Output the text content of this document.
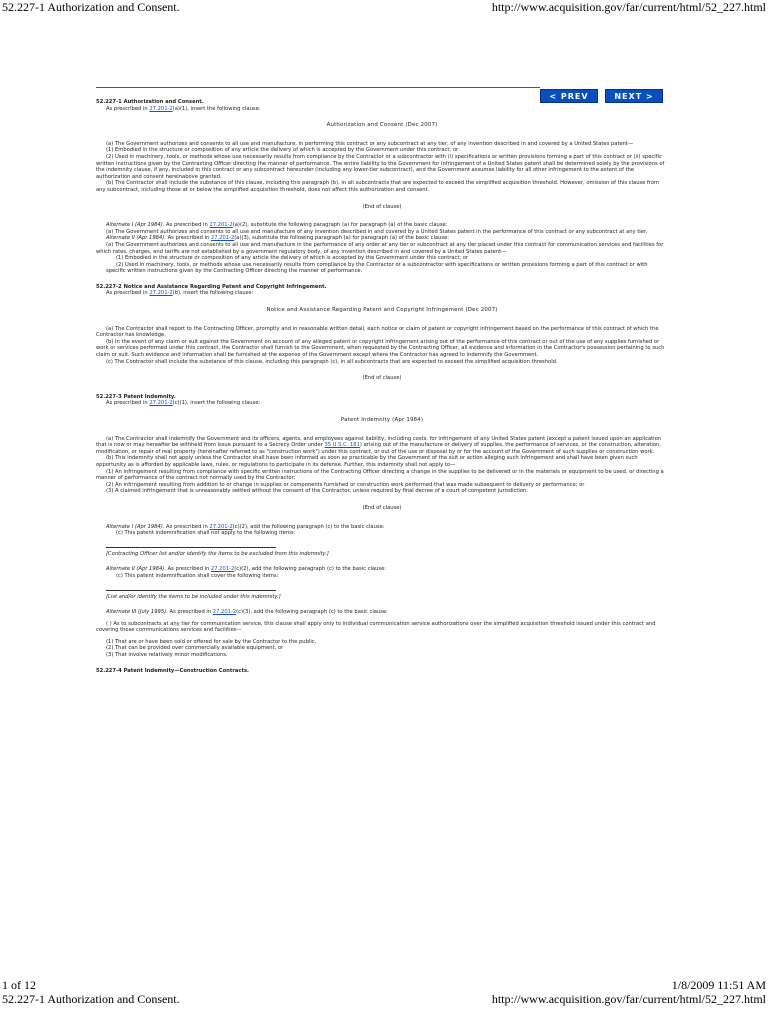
52.227-1 Authorization and Consent.	http://www.acquisition.gov/far/current/html/52_227.html
< PREV	NEXT >

52.227-1 Authorization and Consent.

As prescribed in 27.201-2(a)(1), insert the following clause:

Authorization and Consent (Dec 2007)

(a) The Government authorizes and consents to all use and manufacture, in performing this contract or any subcontract at any tier, of any invention described in and covered by a United States patent—

(1) Embodied in the structure or composition of any article the delivery of which is accepted by the Government under this contract; or

(2) Used in machinery, tools, or methods whose use necessarily results from compliance by the Contractor or a subcontractor with (i) specifications or written provisions forming a part of this contract or (ii) specific written instructions given by the Contracting Officer directing the manner of performance. The entire liability to the Government for infringement of a United States patent shall be determined solely by the provisions of the indemnity clause, if any, included in this contract or any subcontract hereunder (including any lower-tier subcontract), and the Government assumes liability for all other infringement to the extent of the authorization and consent hereinabove granted.

(b) The Contractor shall include the substance of this clause, including this paragraph (b), in all subcontracts that are expected to exceed the simplified acquisition threshold. However, omission of this clause from any subcontract, including those at or below the simplified acquisition threshold, does not affect this authorization and consent.

(End of clause)

Alternate I (Apr 1984). As prescribed in 27.201-2(a)(2), substitute the following paragraph (a) for paragraph (a) of the basic clause:

(a) The Government authorizes and consents to all use and manufacture of any invention described in and covered by a United States patent in the performance of this contract or any subcontract at any tier.

Alternate II (Apr 1984). As prescribed in 27.201-2(a)(3), substitute the following paragraph (a) for paragraph (a) of the basic clause:

(a) The Government authorizes and consents to all use and manufacture in the performance of any order at any tier or subcontract at any tier placed under this contract for communication services and facilities for which rates, charges, and tariffs are not established by a government regulatory body, of any invention described in and covered by a United States patent—

(1) Embodied in the structure or composition of any article the delivery of which is accepted by the Government under this contract; or

(2) Used in machinery, tools, or methods whose use necessarily results from compliance by the Contractor or a subcontractor with specifications or written provisions forming a part of this contract or with specific written instructions given by the Contracting Officer directing the manner of performance.

52.227-2 Notice and Assistance Regarding Patent and Copyright Infringement.

As prescribed in 27.201-2(b), insert the following clause:

Notice and Assistance Regarding Patent and Copyright Infringement (Dec 2007)

(a) The Contractor shall report to the Contracting Officer, promptly and in reasonable written detail, each notice or claim of patent or copyright infringement based on the performance of this contract of which the Contractor has knowledge.

(b) In the event of any claim or suit against the Government on account of any alleged patent or copyright infringement arising out of the performance of this contract or out of the use of any supplies furnished or work or services performed under this contract, the Contractor shall furnish to the Government, when requested by the Contracting Officer, all evidence and information in the Contractor's possession pertaining to such claim or suit. Such evidence and information shall be furnished at the expense of the Government except where the Contractor has agreed to indemnify the Government.

(c) The Contractor shall include the substance of this clause, including this paragraph (c), in all subcontracts that are expected to exceed the simplified acquisition threshold.

(End of clause)

52.227-3 Patent Indemnity.

As prescribed in 27.201-2(c)(1), insert the following clause:

Patent Indemnity (Apr 1984)

(a) The Contractor shall indemnify the Government and its officers, agents, and employees against liability, including costs, for infringement of any United States patent (except a patent issued upon an application that is now or may hereafter be withheld from issue pursuant to a Secrecy Order under 35 U.S.C. 181) arising out of the manufacture or delivery of supplies, the performance of services, or the construction, alteration, modification, or repair of real property (hereinafter referred to as "construction work") under this contract, or out of the use or disposal by or for the account of the Government of such supplies or construction work.

(b) This indemnity shall not apply unless the Contractor shall have been informed as soon as practicable by the Government of the suit or action alleging such infringement and shall have been given such opportunity as is afforded by applicable laws, rules, or regulations to participate in its defense. Further, this indemnity shall not apply to—

(1) An infringement resulting from compliance with specific written instructions of the Contracting Officer directing a change in the supplies to be delivered or in the materials or equipment to be used, or directing a manner of performance of the contract not normally used by the Contractor;

(2) An infringement resulting from addition to or change in supplies or components furnished or construction work performed that was made subsequent to delivery or performance; or

(3) A claimed infringement that is unreasonably settled without the consent of the Contractor, unless required by final decree of a court of competent jurisdiction.

(End of clause)

Alternate I (Apr 1984). As prescribed in 27.201-2(c)(2), add the following paragraph (c) to the basic clause:

(c) This patent indemnification shall not apply to the following items:

[Contracting Officer list and/or identify the items to be excluded from this indemnity.]

Alternate II (Apr 1984). As prescribed in 27.201-2(c)(2), add the following paragraph (c) to the basic clause:

(c) This patent indemnification shall cover the following items:

[List and/or identify the items to be included under this indemnity.]

Alternate III (July 1995). As prescribed in 27.201-2(c)(3), add the following paragraph (c) to the basic clause:

( ) As to subcontracts at any tier for communication service, this clause shall apply only to individual communication service authorizations over the simplified acquisition threshold issued under this contract and covering those communications services and facilities—

(1) That are or have been sold or offered for sale by the Contractor to the public,

(2) That can be provided over commercially available equipment, or

(3) That involve relatively minor modifications.

52.227-4 Patent Indemnity—Construction Contracts.

1 of 12	1/8/2009 11:51 AM
52.227-1 Authorization and Consent.	http://www.acquisition.gov/far/current/html/52_227.html
